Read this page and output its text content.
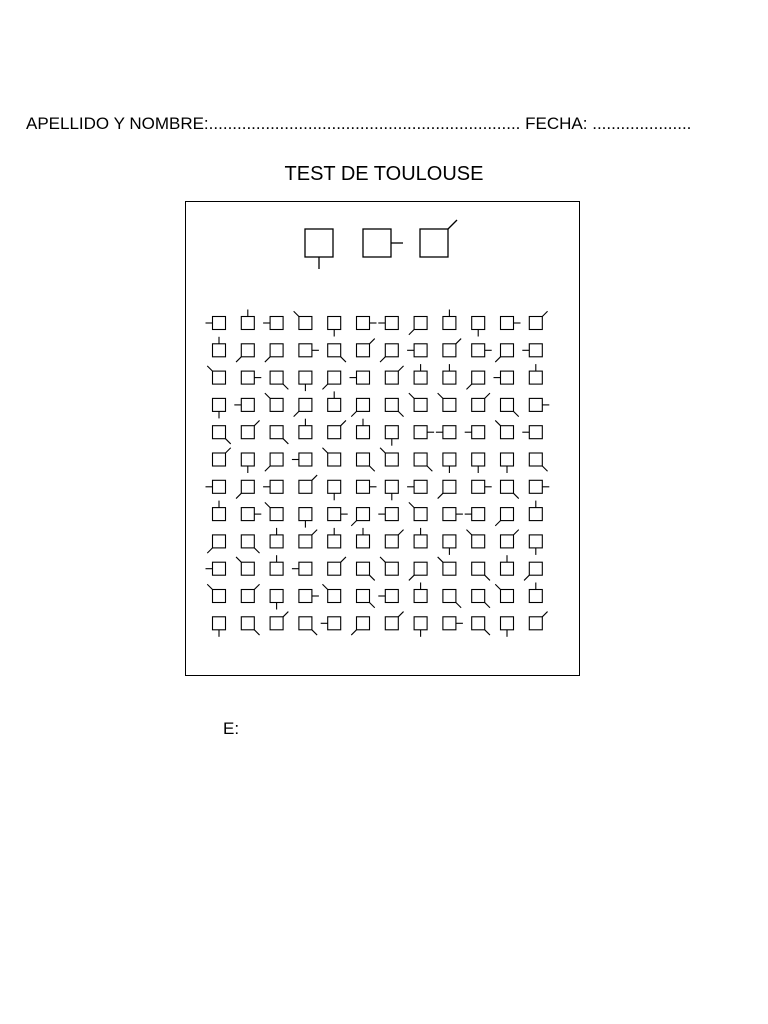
APELLIDO Y NOMBRE:.................................................................. FECHA: .....................
TEST DE TOULOUSE
E:
